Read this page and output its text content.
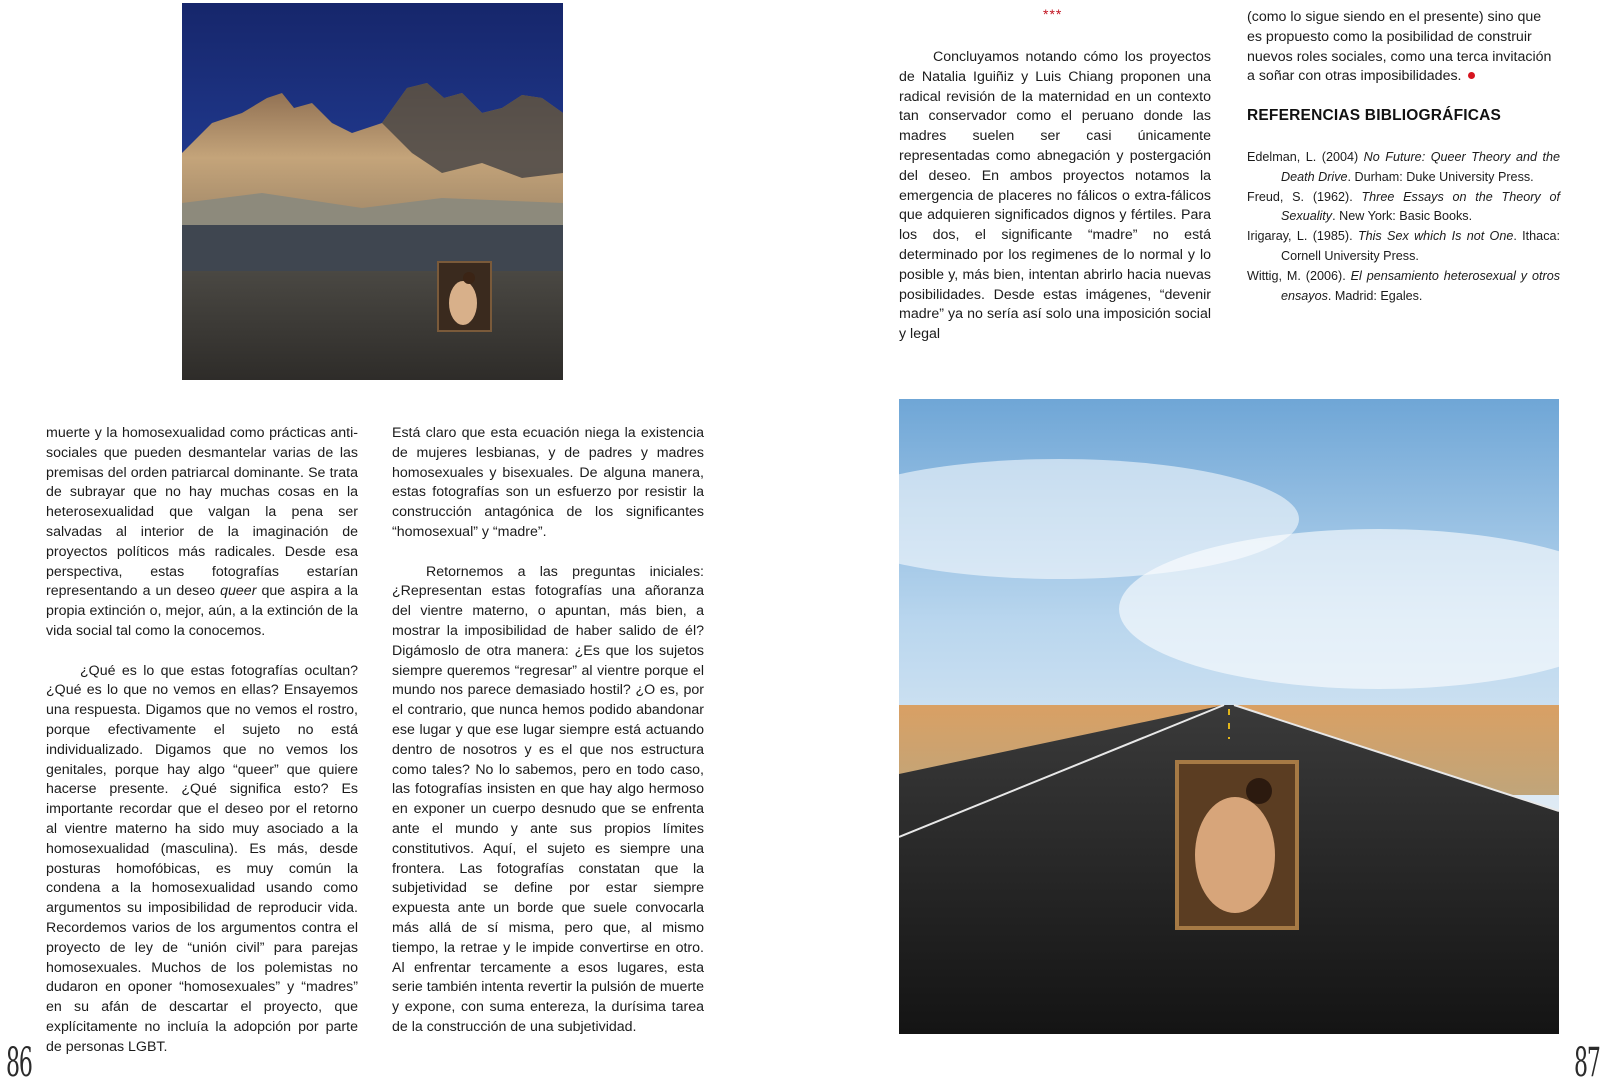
muerte y la homosexualidad como prácticas anti-sociales que pueden desmantelar varias de las premisas del orden patriarcal dominante. Se trata de subrayar que no hay muchas cosas en la heterosexualidad que valgan la pena ser salvadas al interior de la imaginación de proyectos políticos más radicales. Desde esa perspectiva, estas fotografías estarían representando a un deseo queer que aspira a la propia extinción o, mejor, aún, a la extinción de la vida social tal como la conocemos.

¿Qué es lo que estas fotografías ocultan? ¿Qué es lo que no vemos en ellas? Ensayemos una respuesta. Digamos que no vemos el rostro, porque efectivamente el sujeto no está individualizado. Digamos que no vemos los genitales, porque hay algo “queer” que quiere hacerse presente. ¿Qué significa esto? Es importante recordar que el deseo por el retorno al vientre materno ha sido muy asociado a la homosexualidad (masculina). Es más, desde posturas homofóbicas, es muy común la condena a la homosexualidad usando como argumentos su imposibilidad de reproducir vida. Recordemos varios de los argumentos contra el proyecto de ley de “unión civil” para parejas homosexuales. Muchos de los polemistas no dudaron en oponer “homosexuales” y “madres” en su afán de descartar el proyecto, que explícitamente no incluía la adopción por parte de personas LGBT.

Está claro que esta ecuación niega la existencia de mujeres lesbianas, y de padres y madres homosexuales y bisexuales. De alguna manera, estas fotografías son un esfuerzo por resistir la construcción antagónica de los significantes “homosexual” y “madre”.

Retornemos a las preguntas iniciales: ¿Representan estas fotografías una añoranza del vientre materno, o apuntan, más bien, a mostrar la imposibilidad de haber salido de él? Digámoslo de otra manera: ¿Es que los sujetos siempre queremos “regresar” al vientre porque el mundo nos parece demasiado hostil? ¿O es, por el contrario, que nunca hemos podido abandonar ese lugar y que ese lugar siempre está actuando dentro de nosotros y es el que nos estructura como tales? No lo sabemos, pero en todo caso, las fotografías insisten en que hay algo hermoso en exponer un cuerpo desnudo que se enfrenta ante el mundo y ante sus propios límites constitutivos. Aquí, el sujeto es siempre una frontera. Las fotografías constatan que la subjetividad se define por estar siempre expuesta ante un borde que suele convocarla más allá de sí misma, pero que, al mismo tiempo, la retrae y le impide convertirse en otro. Al enfrentar tercamente a esos lugares, esta serie también intenta revertir la pulsión de muerte y expone, con suma entereza, la durísima tarea de la construcción de una subjetividad.

86
***

Concluyamos notando cómo los proyectos de Natalia Iguiñiz y Luis Chiang proponen una radical revisión de la maternidad en un contexto tan conservador como el peruano donde las madres suelen ser casi únicamente representadas como abnegación y postergación del deseo. En ambos proyectos notamos la emergencia de placeres no fálicos o extra-fálicos que adquieren significados dignos y fértiles. Para los dos, el significante “madre” no está determinado por los regimenes de lo normal y lo posible y, más bien, intentan abrirlo hacia nuevas posibilidades. Desde estas imágenes, “devenir madre” ya no sería así solo una imposición social y legal

(como lo sigue siendo en el presente) sino que es propuesto como la posibilidad de construir nuevos roles sociales, como una terca invitación a soñar con otras imposibilidades.

REFERENCIAS BIBLIOGRÁFICAS
Edelman, L. (2004) No Future: Queer Theory and the Death Drive. Durham: Duke University Press.
Freud, S. (1962). Three Essays on the Theory of Sexuality. New York: Basic Books.
Irigaray, L. (1985). This Sex which Is not One. Ithaca: Cornell University Press.
Wittig, M. (2006). El pensamiento heterosexual y otros ensayos. Madrid: Egales.
87
